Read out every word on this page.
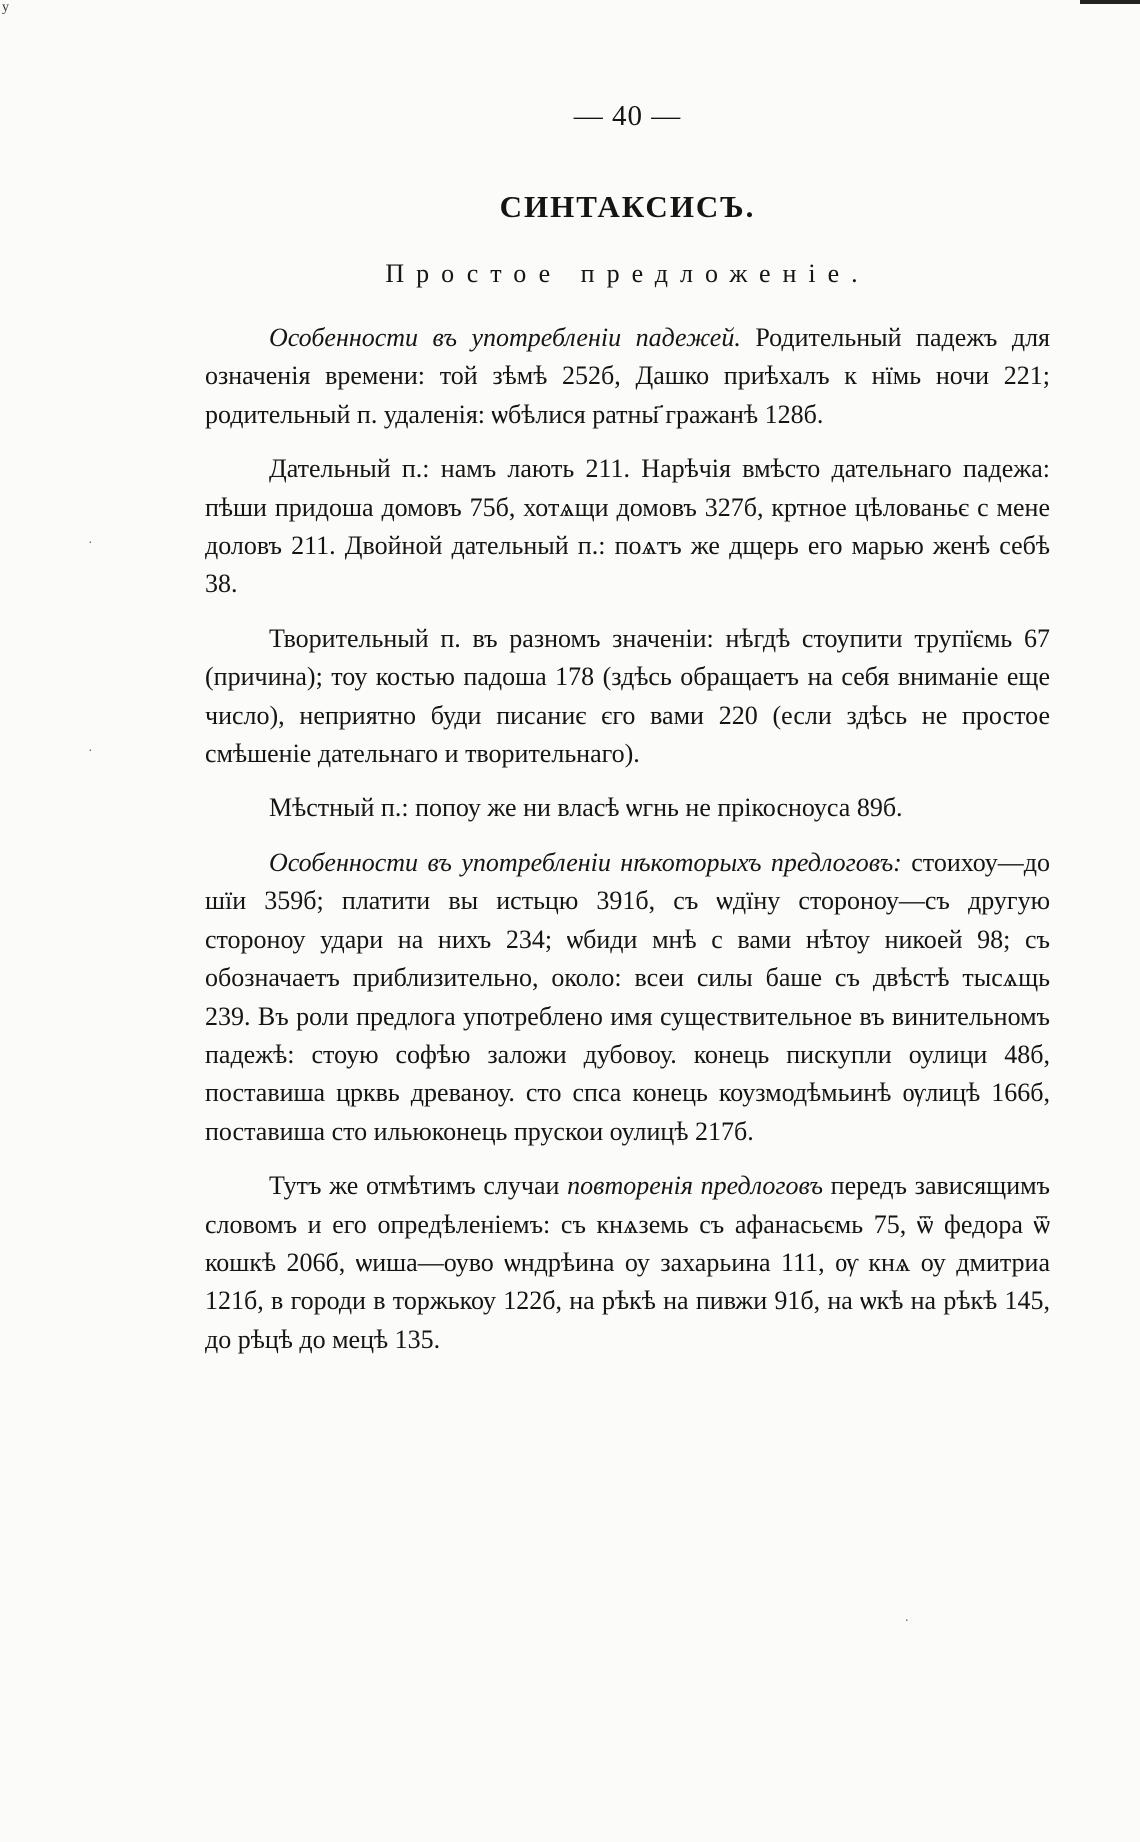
у
·
·
.
— 40 —
СИНТАКСИСЪ.
Простое предложеніе.

Особенности въ употребленіи падежей. Родительный падежъ для означенія времени: той зѣмѣ 252б, Дашко приѣхалъ к нїмь ночи 221; родительный п. удаленія: ѡбѣлися ратны҃ гражанѣ 128б.

Дательный п.: намъ лають 211. Нарѣчія вмѣсто дательнаго падежа: пѣши придоша домовъ 75б, хотѧщи домовъ 327б, кртное цѣлованьє с мене доловъ 211. Двойной дательный п.: поѧтъ же дщерь его марью женѣ себѣ 38.

Творительный п. въ разномъ значеніи: нѣгдѣ стоупити трупїємь 67 (причина); тоу костью падоша 178 (здѣсь обращаетъ на себя вниманіе еще число), неприятно буди писаниє єго вами 220 (если здѣсь не простое смѣшеніе дательнаго и творительнаго).

Мѣстный п.: попоу же ни власѣ ѡгнь не прікосноуса 89б.

Особенности въ употребленіи нѣкоторыхъ предлоговъ: стоихоу—до шїи 359б; платити вы истьцю 391б, съ ѡдїну стороноу—съ другую стороноу удари на нихъ 234; ѡбиди мнѣ с вами нѣтоу никоей 98; съ обозначаетъ приблизительно, около: всеи силы баше съ двѣстѣ тысѧщь 239. Въ роли предлога употреблено имя существительное въ винительномъ падежѣ: стоую софѣю заложи дубовоу. конець пискупли оулици 48б, поставиша црквь древаноу. сто спса конець коузмодѣмьинѣ ѹлицѣ 166б, поставиша сто ильюконець прускои оулицѣ 217б.

Тутъ же отмѣтимъ случаи повторенія предлоговъ передъ зависящимъ словомъ и его опредѣленіемъ: съ кнѧземь съ афанасьємь 75, ѿ федора ѿ кошкѣ 206б, ѡиша—оуво ѡндрѣина оу захарьина 111, ѹ кнѧ оу дмитриа 121б, в городи в торжькоу 122б, на рѣкѣ на пивжи 91б, на ѡкѣ на рѣкѣ 145, до рѣцѣ до мецѣ 135.
